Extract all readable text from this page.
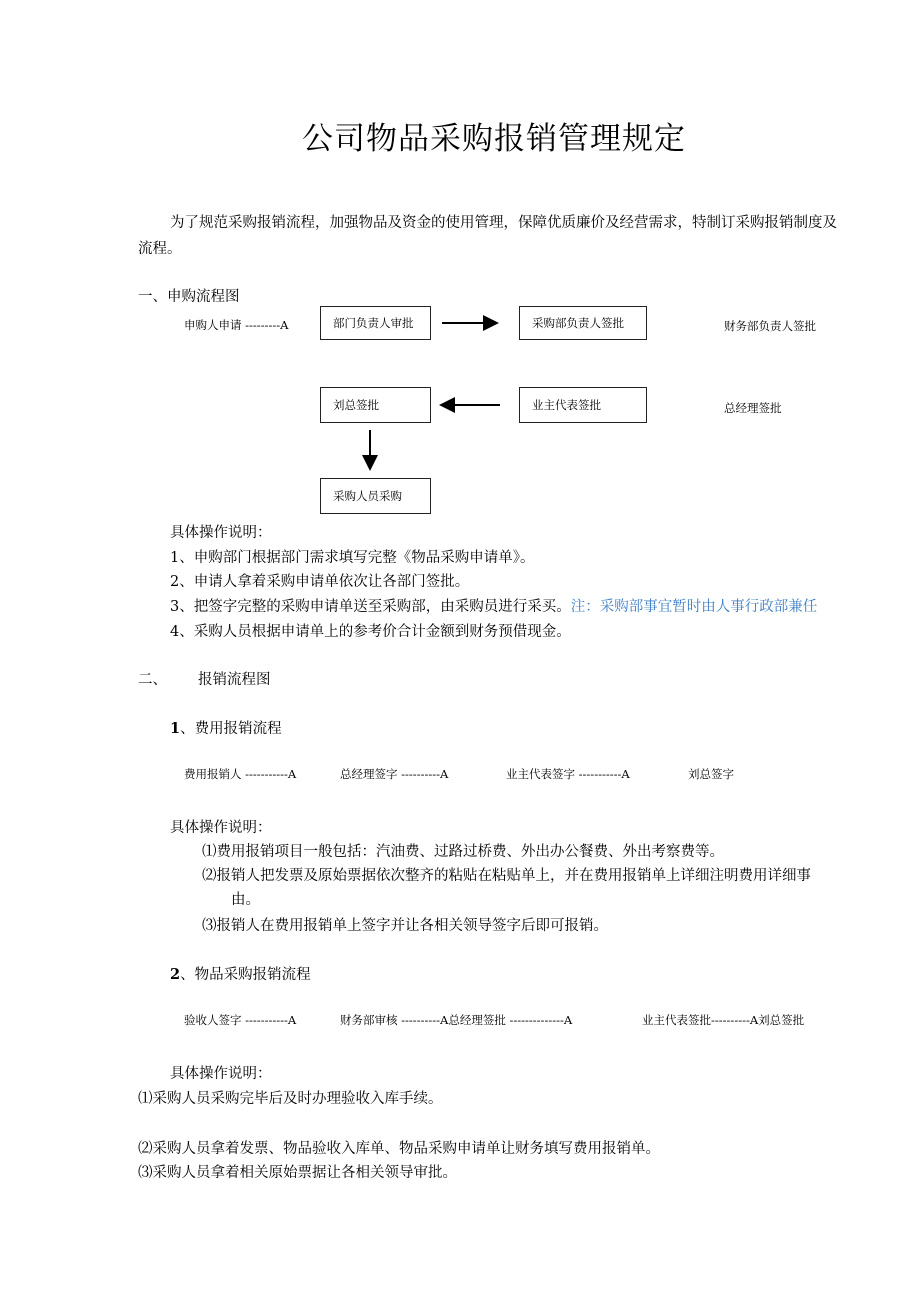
公司物品采购报销管理规定
为了规范采购报销流程，加强物品及资金的使用管理，保障优质廉价及经营需求，特制订采购报销制度及
流程。
一、申购流程图
申购人申请 ---------A	部门负责人审批	采购部负责人签批	财务部负责人签批
刘总签批	业主代表签批	总经理签批
采购人员采购
具体操作说明：
1、申购部门根据部门需求填写完整《物品采购申请单》。
2、申请人拿着采购申请单依次让各部门签批。
3、把签字完整的采购申请单送至采购部，由采购员进行采买。注：采购部事宜暂时由人事行政部兼任
4、采购人员根据申请单上的参考价合计金额到财务预借现金。
二、 报销流程图
1、费用报销流程
费用报销人 -----------A	总经理签字 ----------A	业主代表签字 -----------A	刘总签字
具体操作说明：
⑴费用报销项目一般包括：汽油费、过路过桥费、外出办公餐费、外出考察费等。
⑵报销人把发票及原始票据依次整齐的粘贴在粘贴单上，并在费用报销单上详细注明费用详细事
由。
⑶报销人在费用报销单上签字并让各相关领导签字后即可报销。
2、物品采购报销流程
验收人签字 -----------A	财务部审核 ----------A总经理签批 --------------A	业主代表签批----------A刘总签批
具体操作说明：
⑴采购人员采购完毕后及时办理验收入库手续。
⑵采购人员拿着发票、物品验收入库单、物品采购申请单让财务填写费用报销单。
⑶采购人员拿着相关原始票据让各相关领导审批。
